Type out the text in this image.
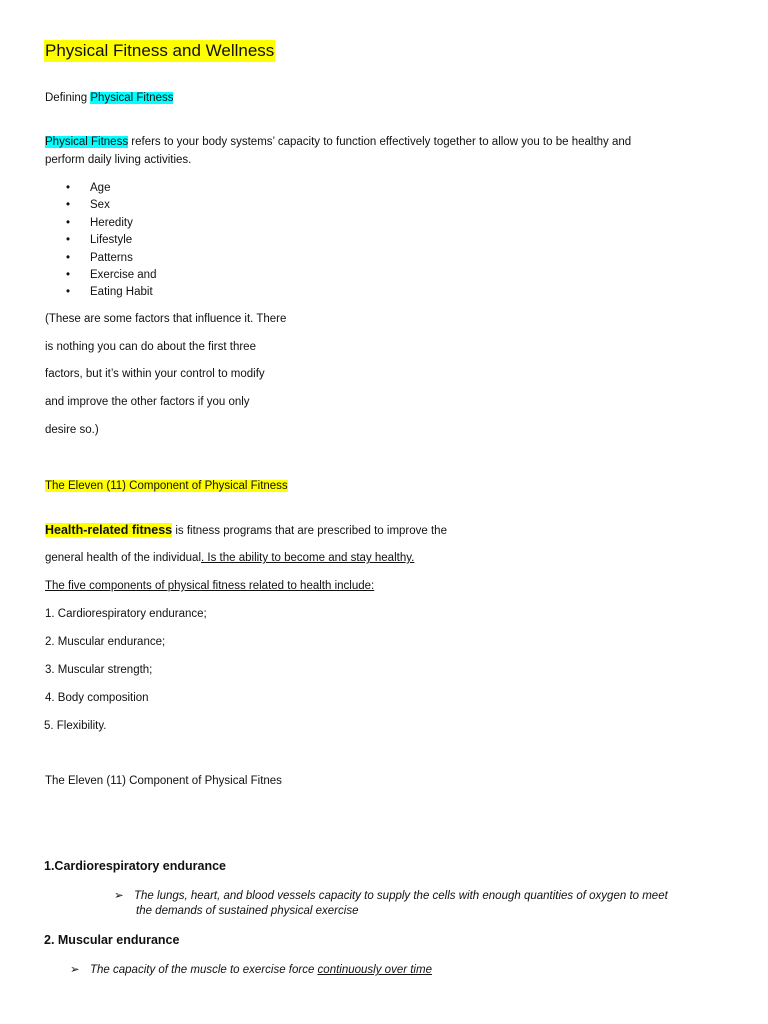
Physical Fitness and Wellness
Defining Physical Fitness
Physical Fitness refers to your body systems’ capacity to function effectively together to allow you to be healthy and
perform daily living activities.
• Age
• Sex
• Heredity
• Lifestyle
• Patterns
• Exercise and
• Eating Habit
(These are some factors that influence it. There
is nothing you can do about the first three
factors, but it’s within your control to modify
and improve the other factors if you only
desire so.)
The Eleven (11) Component of Physical Fitness
Health-related fitness is fitness programs that are prescribed to improve the
general health of the individual. Is the ability to become and stay healthy.
The five components of physical fitness related to health include:
1. Cardiorespiratory endurance;
2. Muscular endurance;
3. Muscular strength;
4. Body composition
5. Flexibility.
The Eleven (11) Component of Physical Fitnes
1.Cardiorespiratory endurance
➢ The lungs, heart, and blood vessels capacity to supply the cells with enough quantities of oxygen to meet
the demands of sustained physical exercise
2. Muscular endurance
➢ The capacity of the muscle to exercise force continuously over time
